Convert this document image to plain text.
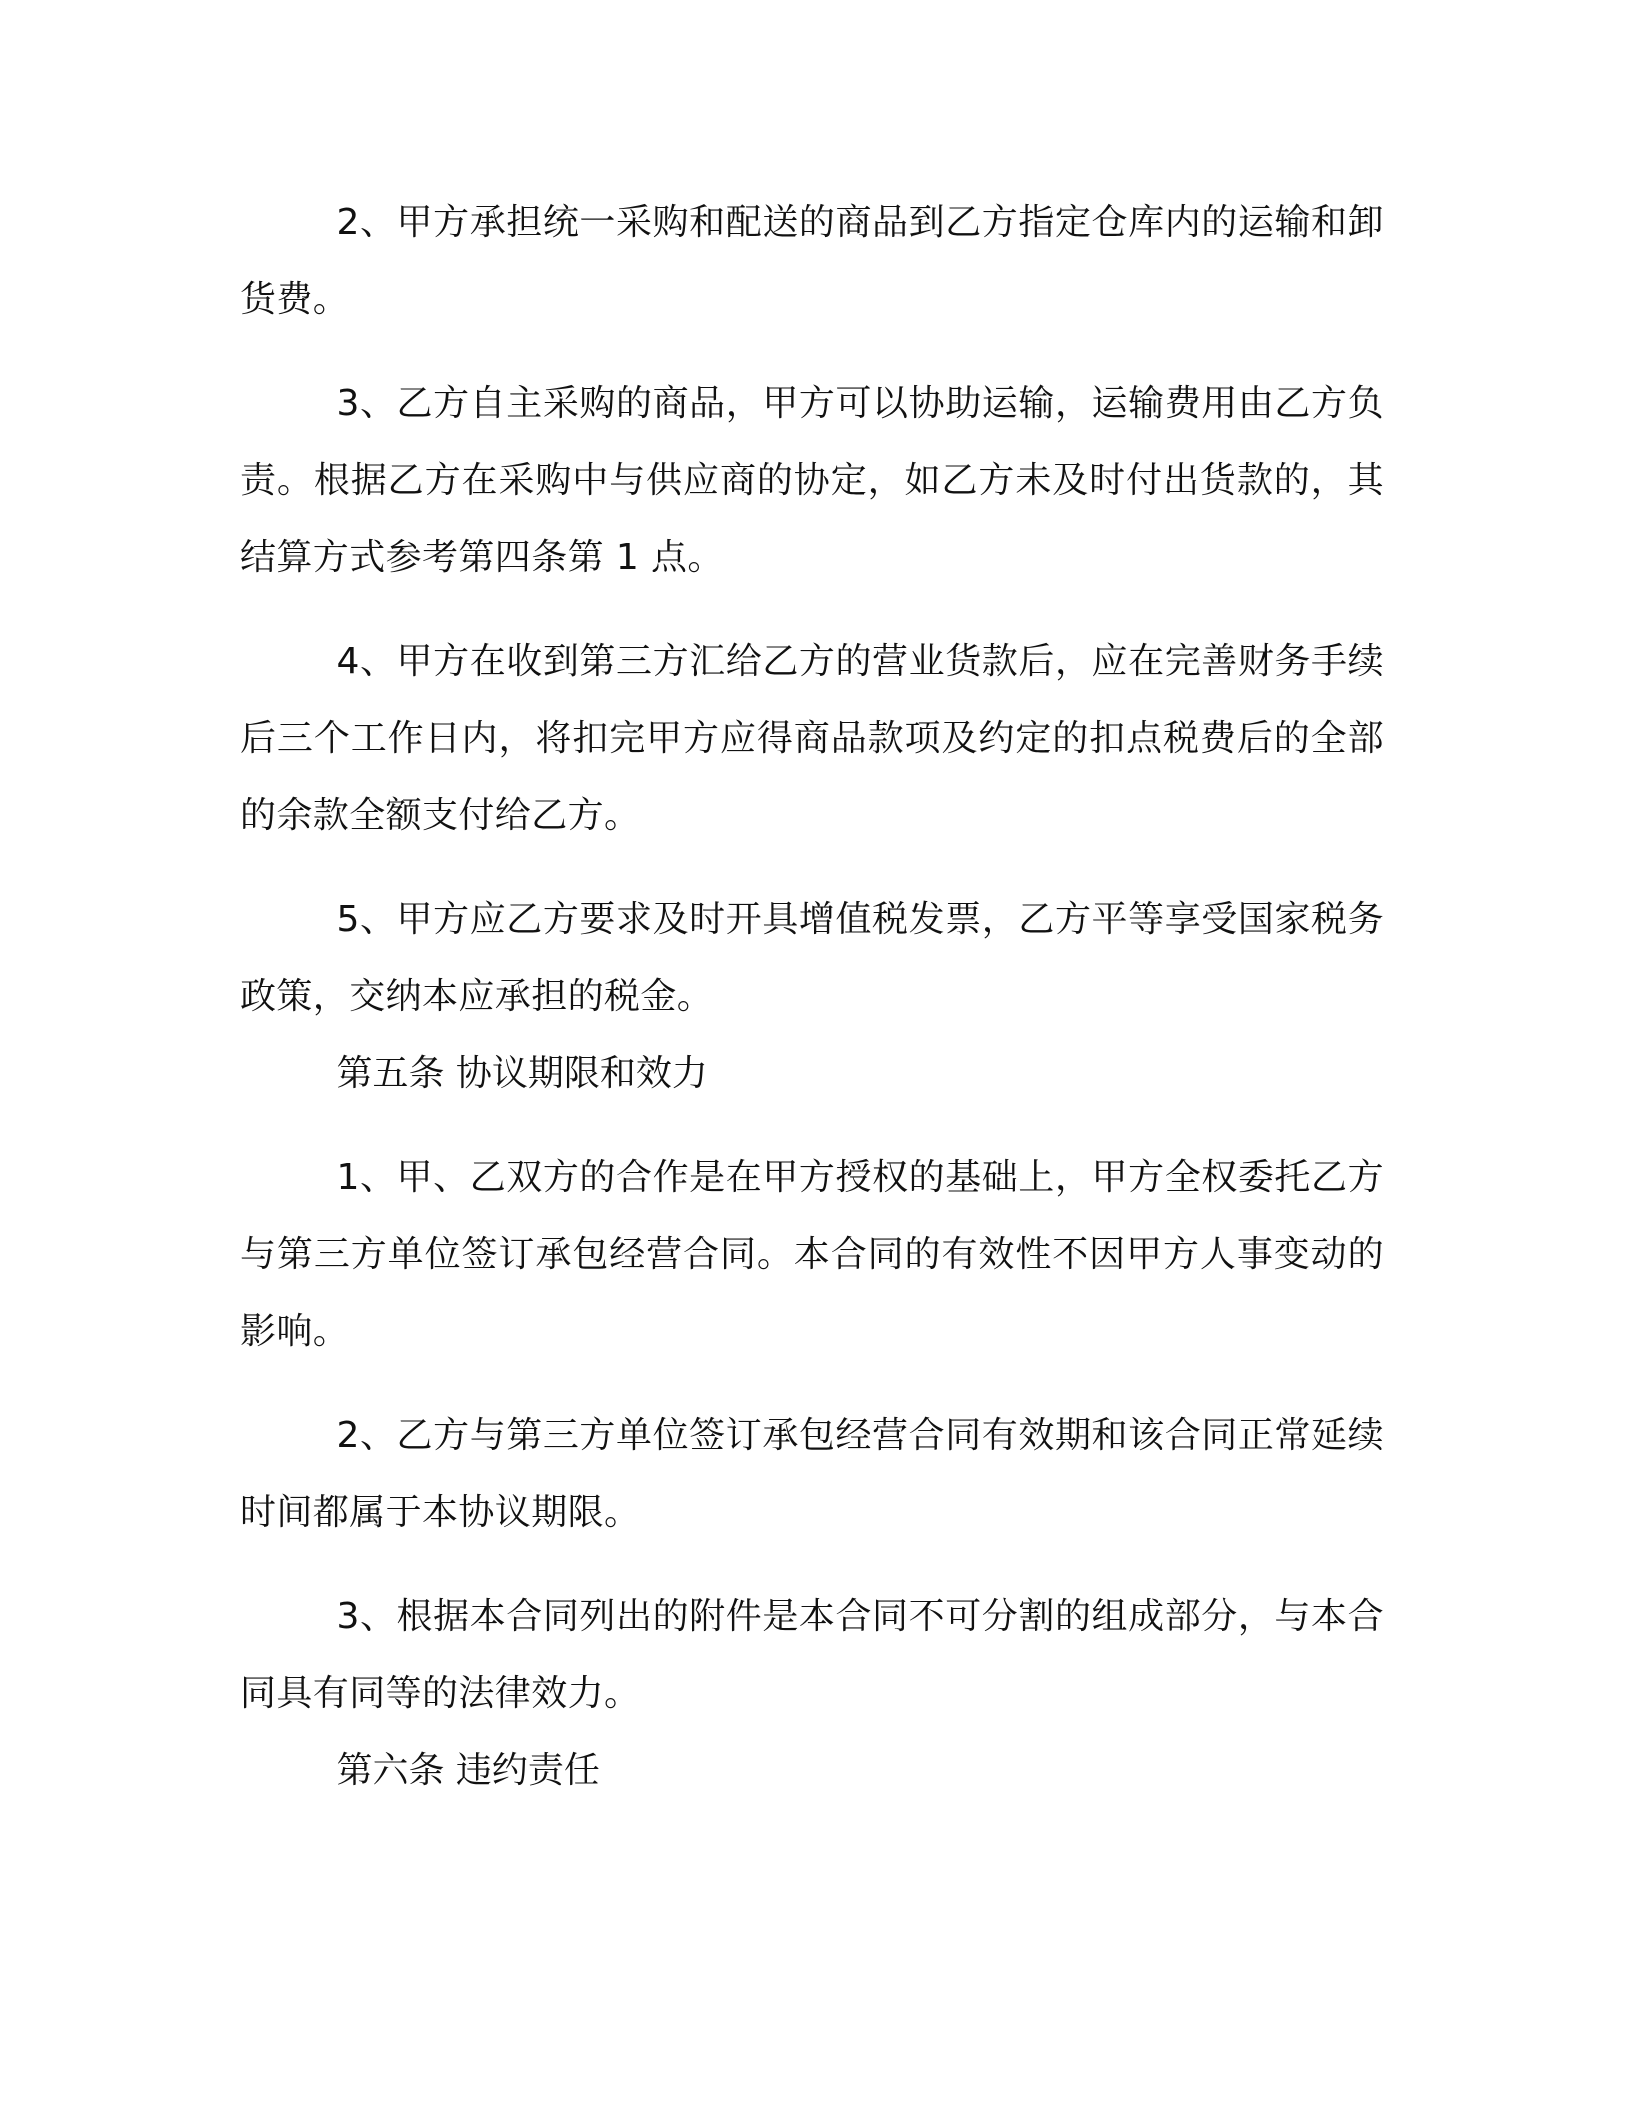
2、甲方承担统一采购和配送的商品到乙方指定仓库内的运输和卸货费。

3、乙方自主采购的商品，甲方可以协助运输，运输费用由乙方负责。根据乙方在采购中与供应商的协定，如乙方未及时付出货款的，其结算方式参考第四条第 1 点。

4、甲方在收到第三方汇给乙方的营业货款后，应在完善财务手续后三个工作日内，将扣完甲方应得商品款项及约定的扣点税费后的全部的余款全额支付给乙方。

5、甲方应乙方要求及时开具增值税发票，乙方平等享受国家税务政策，交纳本应承担的税金。

第五条 协议期限和效力

1、甲、乙双方的合作是在甲方授权的基础上，甲方全权委托乙方与第三方单位签订承包经营合同。本合同的有效性不因甲方人事变动的影响。

2、乙方与第三方单位签订承包经营合同有效期和该合同正常延续时间都属于本协议期限。

3、根据本合同列出的附件是本合同不可分割的组成部分，与本合同具有同等的法律效力。

第六条 违约责任
